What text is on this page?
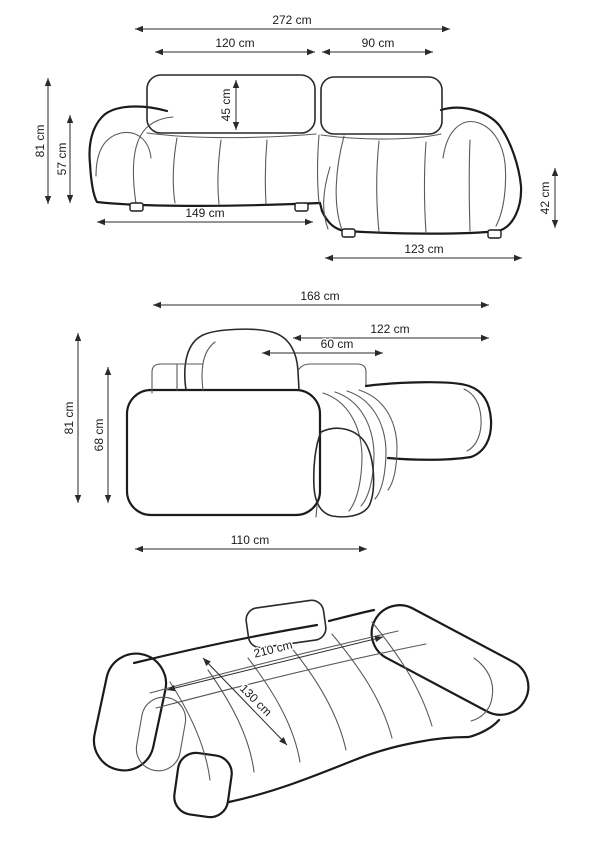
272 cm
120 cm	90 cm
81 cm
57 cm
45 cm
149 cm	42 cm
123 cm
168 cm
122 cm
60 cm
81 cm
68 cm
110 cm
210 cm
130 cm
